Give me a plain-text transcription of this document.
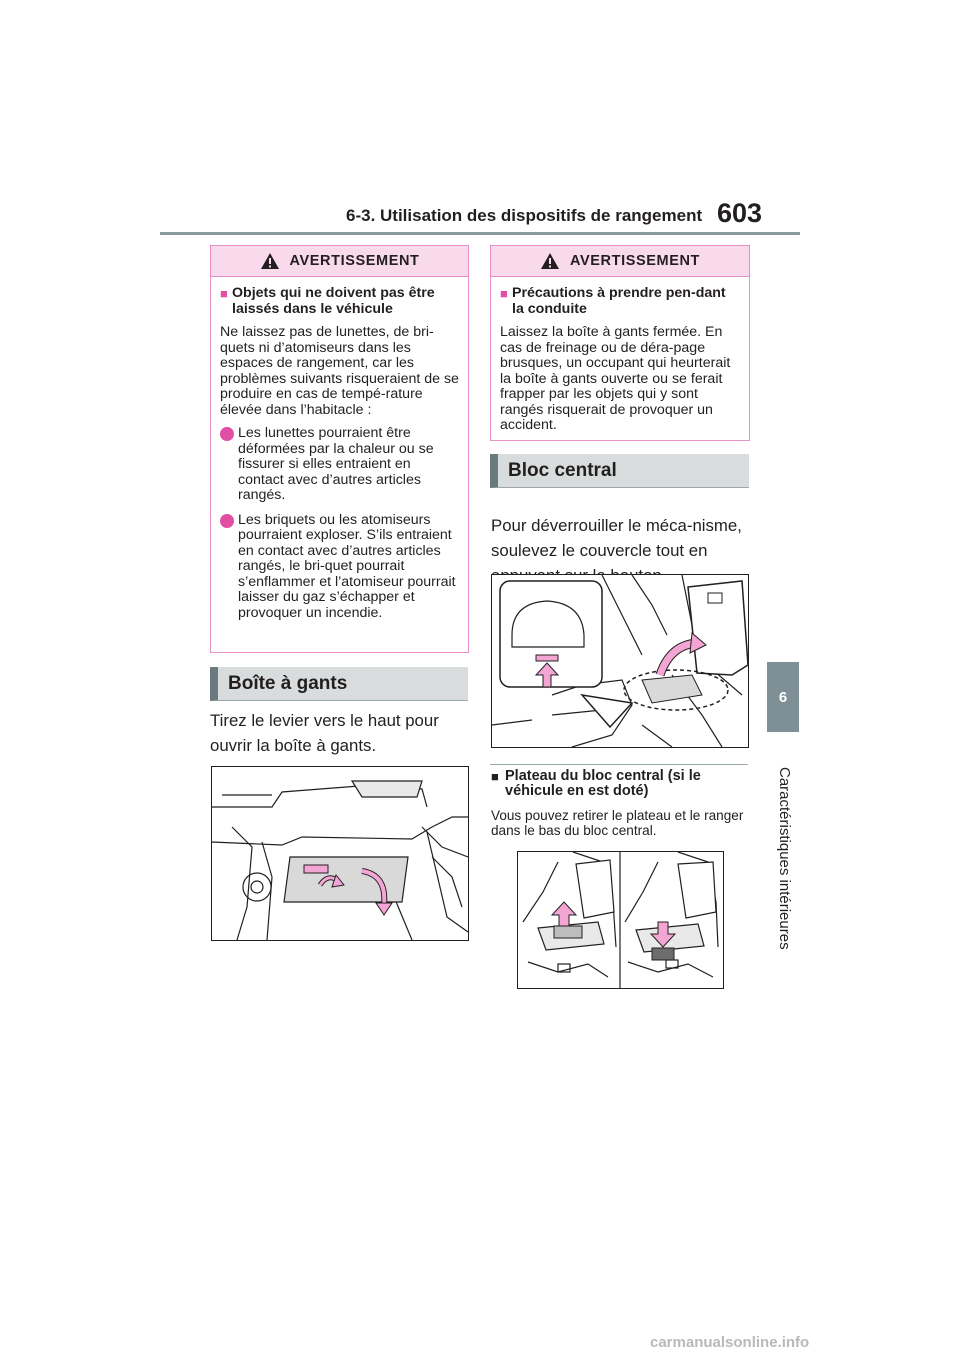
6-3. Utilisation des dispositifs de rangement 603
6
Caractéristiques intérieures
AVERTISSEMENT
■ Objets qui ne doivent pas être laissés dans le véhicule

Ne laissez pas de lunettes, de bri-quets ni d’atomiseurs dans les espaces de rangement, car les problèmes suivants risqueraient de se produire en cas de tempé-rature élevée dans l’habitacle :

Les lunettes pourraient être déformées par la chaleur ou se fissurer si elles entraient en contact avec d’autres articles rangés.
Les briquets ou les atomiseurs pourraient exploser. S’ils entraient en contact avec d’autres articles rangés, le bri-quet pourrait s’enflammer et l’atomiseur pourrait laisser du gaz s’échapper et provoquer un incendie.
Boîte à gants
Tirez le levier vers le haut pour ouvrir la boîte à gants.
AVERTISSEMENT
■ Précautions à prendre pen-dant la conduite

Laissez la boîte à gants fermée. En cas de freinage ou de déra-page brusques, un occupant qui heurterait la boîte à gants ouverte ou se ferait frapper par les objets qui y sont rangés risquerait de provoquer un accident.

Bloc central
Pour déverrouiller le méca-nisme, soulevez le couvercle tout en
■ Plateau du bloc central (si le véhicule en est doté)
Vous pouvez retirer le plateau et le ranger dans le bas du bloc central.
carmanualsonline.info
